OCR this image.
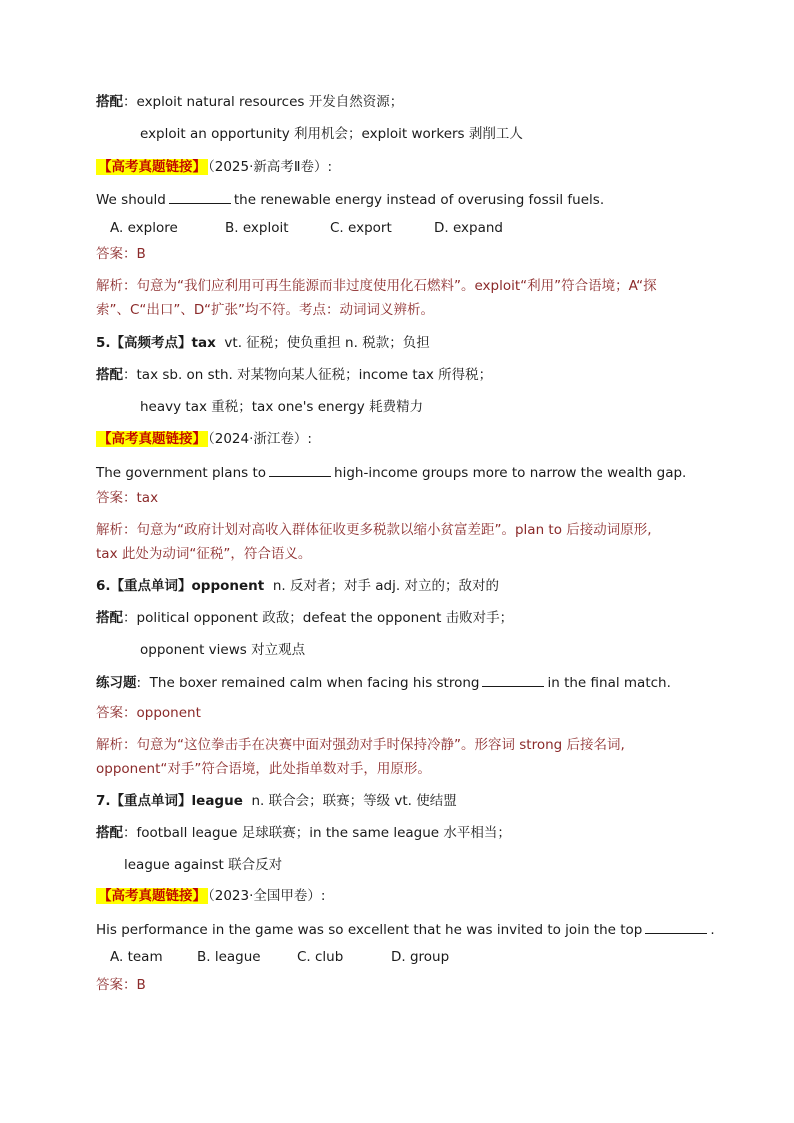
搭配：exploit natural resources 开发自然资源；
exploit an opportunity 利用机会；exploit workers 剥削工人
【高考真题链接】 （2025·新高考Ⅱ卷）:
We should	the renewable energy instead of overusing fossil fuels.
A. explore	B. exploit	C. export	D. expand
答案：B
解析：句意为“我们应利用可再生能源而非过度使用化石燃料”。exploit“利用”符合语境；A“探
索”、C“出口”、D“扩张”均不符。考点：动词词义辨析。
5.【高频考点】tax vt. 征税；使负重担 n. 税款；负担
搭配：tax sb. on sth. 对某物向某人征税；income tax 所得税；
heavy tax 重税；tax one's energy 耗费精力
【高考真题链接】 （2024·浙江卷）:
The government plans to	high-income groups more to narrow the wealth gap.
答案：tax
解析：句意为“政府计划对高收入群体征收更多税款以缩小贫富差距”。plan to 后接动词原形,
tax 此处为动词“征税”，符合语义。
6.【重点单词】opponent n. 反对者；对手 adj. 对立的；敌对的
搭配：political opponent 政敌；defeat the opponent 击败对手；
opponent views 对立观点
练习题:  The boxer remained calm when facing his strong	in the final match.
答案：opponent
解析：句意为“这位拳击手在决赛中面对强劲对手时保持冷静”。形容词 strong 后接名词,
opponent“对手”符合语境，此处指单数对手，用原形。
7.【重点单词】league n. 联合会；联赛；等级 vt. 使结盟
搭配：football league 足球联赛；in the same league 水平相当；
league against 联合反对
【高考真题链接】 （2023·全国甲卷）:
His performance in the game was so excellent that he was invited to join the top	.
A. team	B. league	C. club	D. group
答案：B
